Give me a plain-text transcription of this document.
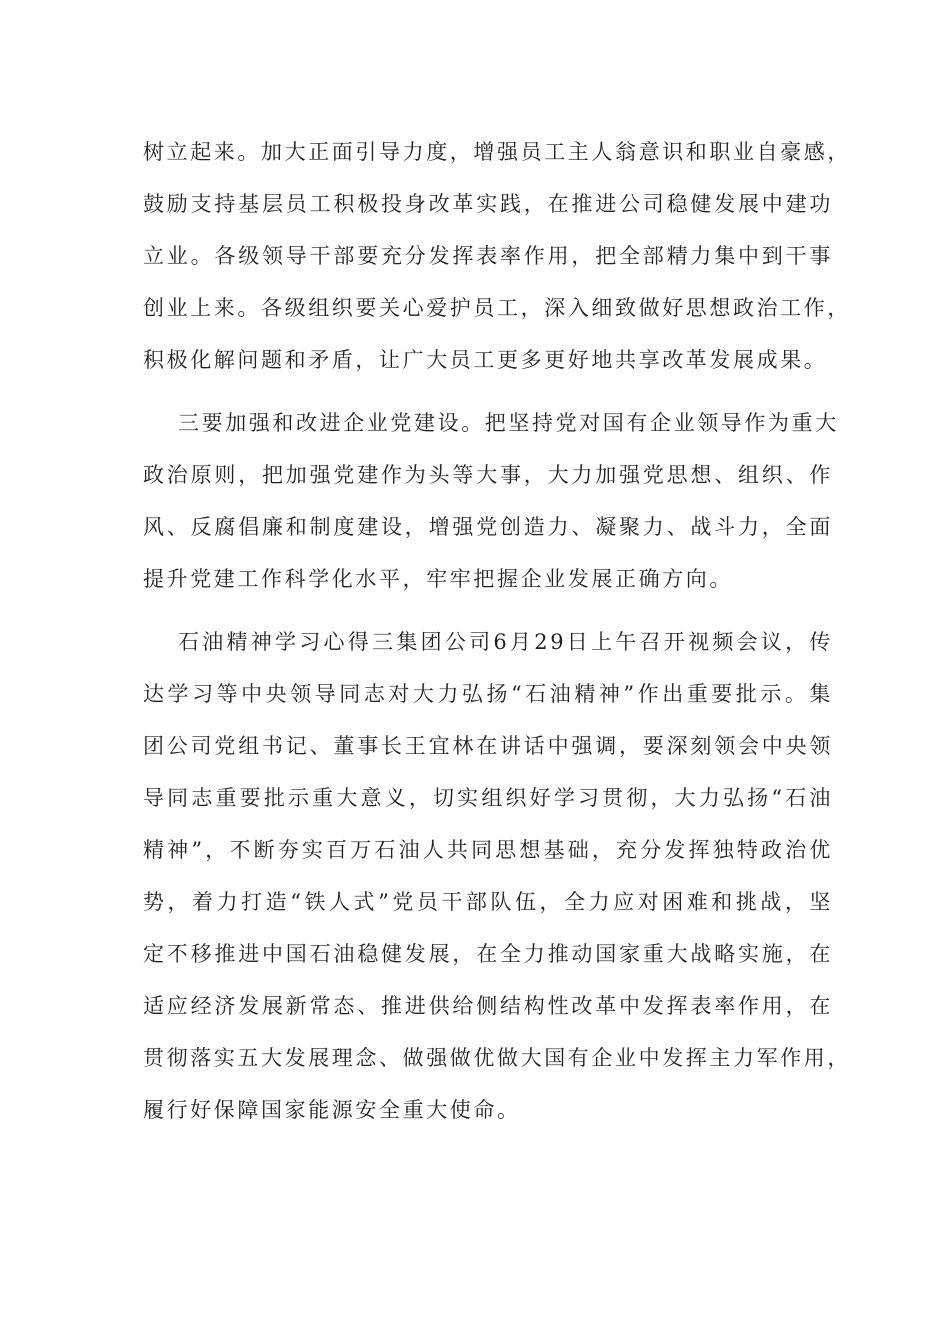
树立起来。加大正面引导力度，增强员工主人翁意识和职业自豪感，
鼓励支持基层员工积极投身改革实践，在推进公司稳健发展中建功
立业。各级领导干部要充分发挥表率作用，把全部精力集中到干事
创业上来。各级组织要关心爱护员工，深入细致做好思想政治工作，
积极化解问题和矛盾，让广大员工更多更好地共享改革发展成果。
三要加强和改进企业党建设。把坚持党对国有企业领导作为重大
政治原则，把加强党建作为头等大事，大力加强党思想、组织、作
风、反腐倡廉和制度建设，增强党创造力、凝聚力、战斗力，全面
提升党建工作科学化水平，牢牢把握企业发展正确方向。
石油精神学习心得三集团公司6月29日上午召开视频会议，传
达学习等中央领导同志对大力弘扬“石油精神”作出重要批示。集
团公司党组书记、董事长王宜林在讲话中强调，要深刻领会中央领
导同志重要批示重大意义，切实组织好学习贯彻，大力弘扬“石油
精神”，不断夯实百万石油人共同思想基础，充分发挥独特政治优
势，着力打造“铁人式”党员干部队伍，全力应对困难和挑战，坚
定不移推进中国石油稳健发展，在全力推动国家重大战略实施，在
适应经济发展新常态、推进供给侧结构性改革中发挥表率作用，在
贯彻落实五大发展理念、做强做优做大国有企业中发挥主力军作用，
履行好保障国家能源安全重大使命。
